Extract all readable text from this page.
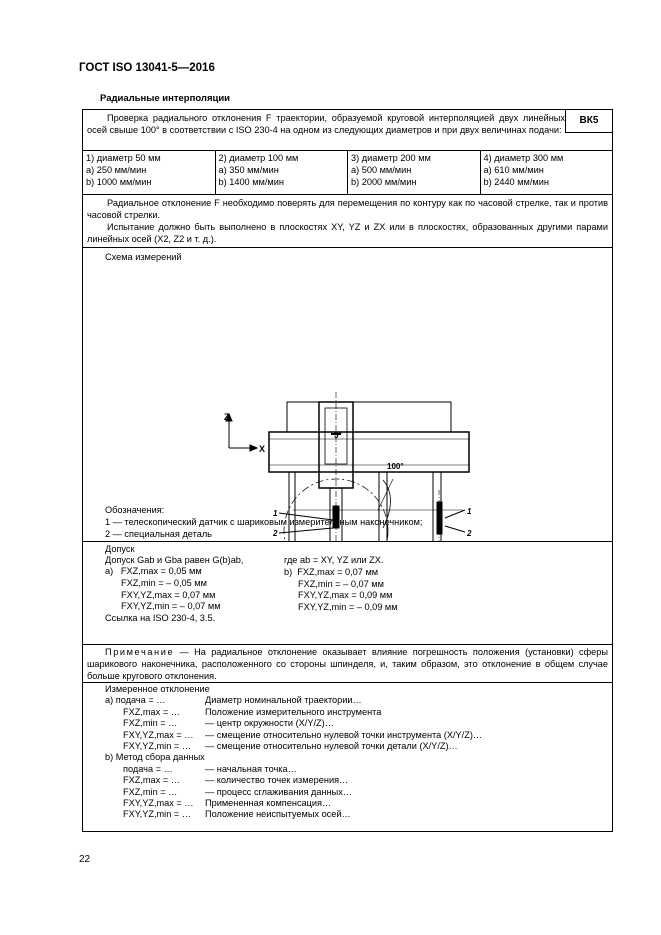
ГОСТ ISO 13041-5—2016
Радиальные интерполяции
Проверка радиального отклонения F траектории, образуемой круговой интерполяцией двух линейных осей свыше 100° в соответствии с ISO 230-4 на одном из следующих диаметров и при двух величинах подачи:
ВК5
1) диаметр 50 мм
a) 250 мм/мин
b) 1000 мм/мин
2) диаметр 100 мм
a) 350 мм/мин
b) 1400 мм/мин
3) диаметр 200 мм
a) 500 мм/мин
b) 2000 мм/мин
4) диаметр 300 мм
a) 610 мм/мин
b) 2440 мм/мин

Радиальное отклонение F необходимо поверять для перемещения по контуру как по часовой стрелке, так и против часовой стрелки.

Испытание должно быть выполнено в плоскостях XY, YZ и ZX или в плоскостях, образованных другими парами линейных осей (X2, Z2 и т. д.).

Схема измерений
Z
X
5°
100°
1
2
1
2
Обозначения:
1 — телескопический датчик с шариковым измерительным наконечником;
2 — специальная деталь
Допуск
Допуск Gab и Gba равен G(b)ab,
a) FXZ,max = 0,05 мм
FXZ,min = – 0,05 мм
FXY,YZ,max = 0,07 мм
FXY,YZ,min = – 0,07 мм
где ab = XY, YZ или ZX.
b) FXZ,max = 0,07 мм
FXZ,min = – 0,07 мм
FXY,YZ,max = 0,09 мм
FXY,YZ,min = – 0,09 мм
Ссылка на ISO 230-4, 3.5.
Примечание — На радиальное отклонение оказывает влияние погрешность положения (установки) сферы шарикового наконечника, расположенного со стороны шпинделя, и, таким образом, это отклонение в общем случае больше кругового отклонения.
Измеренное отклонение
a) подача = …	Диаметр номинальной траектории…
FXZ,max = …	Положение измерительного инструмента
FXZ,min = …	— центр окружности (X/Y/Z)…
FXY,YZ,max = … — смещение относительно нулевой точки инструмента (X/Y/Z)…
FXY,YZ,min = … — смещение относительно нулевой точки детали (X/Y/Z)…
b) Метод сбора данных
подача = …	— начальная точка…
FXZ,max = …	— количество точек измерения…
FXZ,min = …	— процесс сглаживания данных…
FXY,YZ,max = … Примененная компенсация…
FXY,YZ,min = … Положение неиспытуемых осей…
22
